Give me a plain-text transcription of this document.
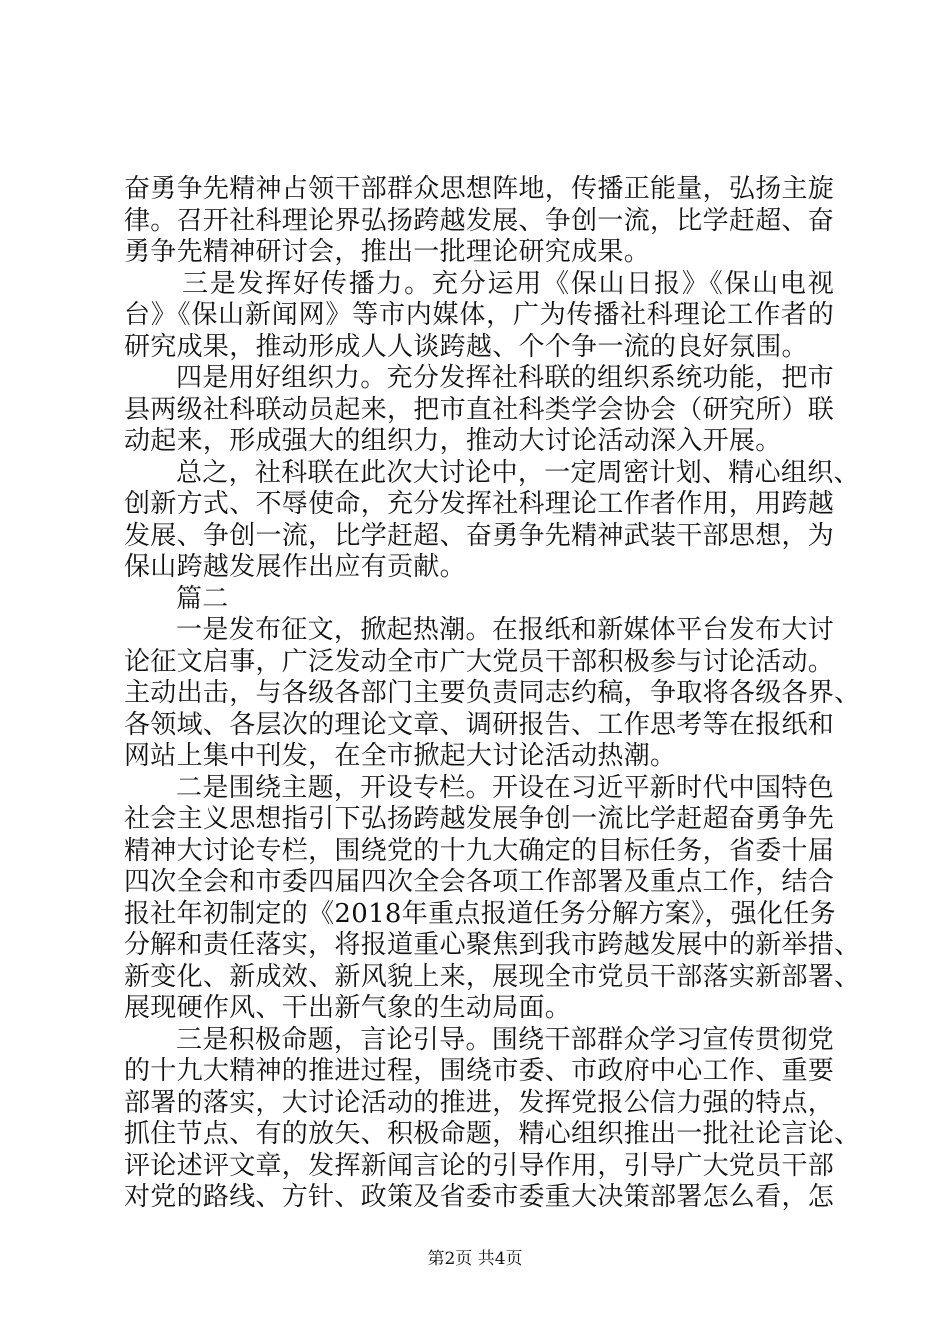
奋勇争先精神占领干部群众思想阵地，传播正能量，弘扬主旋
律。召开社科理论界弘扬跨越发展、争创一流，比学赶超、奋
勇争先精神研讨会，推出一批理论研究成果。
三是发挥好传播力。充分运用《保山日报》《保山电视
台》《保山新闻网》等市内媒体，广为传播社科理论工作者的
研究成果，推动形成人人谈跨越、个个争一流的良好氛围。
四是用好组织力。充分发挥社科联的组织系统功能，把市
县两级社科联动员起来，把市直社科类学会协会（研究所）联
动起来，形成强大的组织力，推动大讨论活动深入开展。
总之，社科联在此次大讨论中，一定周密计划、精心组织、
创新方式、不辱使命，充分发挥社科理论工作者作用，用跨越
发展、争创一流，比学赶超、奋勇争先精神武装干部思想，为
保山跨越发展作出应有贡献。
篇二
一是发布征文，掀起热潮。在报纸和新媒体平台发布大讨
论征文启事，广泛发动全市广大党员干部积极参与讨论活动。
主动出击，与各级各部门主要负责同志约稿，争取将各级各界、
各领域、各层次的理论文章、调研报告、工作思考等在报纸和
网站上集中刊发，在全市掀起大讨论活动热潮。
二是围绕主题，开设专栏。开设在习近平新时代中国特色
社会主义思想指引下弘扬跨越发展争创一流比学赶超奋勇争先
精神大讨论专栏，围绕党的十九大确定的目标任务，省委十届
四次全会和市委四届四次全会各项工作部署及重点工作，结合
报社年初制定的《2018年重点报道任务分解方案》，强化任务
分解和责任落实，将报道重心聚焦到我市跨越发展中的新举措、
新变化、新成效、新风貌上来，展现全市党员干部落实新部署、
展现硬作风、干出新气象的生动局面。
三是积极命题，言论引导。围绕干部群众学习宣传贯彻党
的十九大精神的推进过程，围绕市委、市政府中心工作、重要
部署的落实，大讨论活动的推进，发挥党报公信力强的特点，
抓住节点、有的放矢、积极命题，精心组织推出一批社论言论、
评论述评文章，发挥新闻言论的引导作用，引导广大党员干部
对党的路线、方针、政策及省委市委重大决策部署怎么看，怎
第2页 共4页
